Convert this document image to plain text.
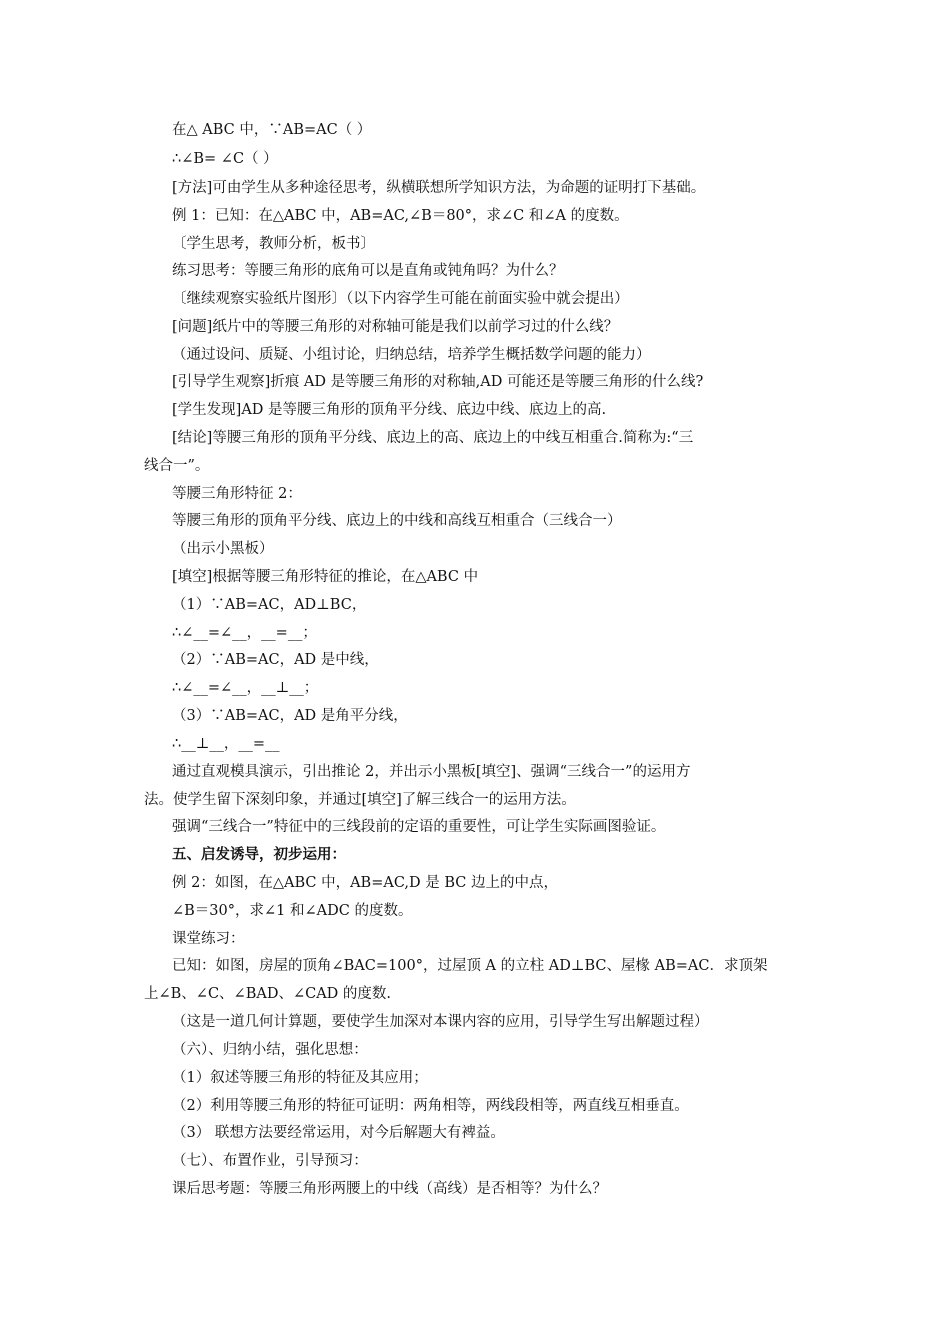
在△ ABC 中，∵AB=AC（ ）
∴∠B= ∠C（ ）
[方法]可由学生从多种途径思考，纵横联想所学知识方法，为命题的证明打下基础。
例 1：已知：在△ABC 中，AB=AC,∠B＝80°，求∠C 和∠A 的度数。
〔学生思考，教师分析，板书〕
练习思考：等腰三角形的底角可以是直角或钝角吗？为什么？
〔继续观察实验纸片图形〕（以下内容学生可能在前面实验中就会提出）
[问题]纸片中的等腰三角形的对称轴可能是我们以前学习过的什么线？
（通过设问、质疑、小组讨论，归纳总结，培养学生概括数学问题的能力）
[引导学生观察]折痕 AD 是等腰三角形的对称轴,AD 可能还是等腰三角形的什么线?
[学生发现]AD 是等腰三角形的顶角平分线、底边中线、底边上的高.
[结论]等腰三角形的顶角平分线、底边上的高、底边上的中线互相重合.简称为:“三
线合一”。
等腰三角形特征 2：
等腰三角形的顶角平分线、底边上的中线和高线互相重合（三线合一）
（出示小黑板）
[填空]根据等腰三角形特征的推论，在△ABC 中
（1）∵AB=AC，AD⊥BC，
∴∠__=∠__，__=__；
（2）∵AB=AC，AD 是中线，
∴∠__=∠__，__⊥__；
（3）∵AB=AC，AD 是角平分线，
∴__⊥__，__=__
通过直观模具演示，引出推论 2，并出示小黑板[填空]、强调“三线合一”的运用方
法。使学生留下深刻印象，并通过[填空]了解三线合一的运用方法。
强调“三线合一”特征中的三线段前的定语的重要性，可让学生实际画图验证。
五、启发诱导，初步运用：
例 2：如图，在△ABC 中，AB=AC,D 是 BC 边上的中点，
∠B＝30°，求∠1 和∠ADC 的度数。
课堂练习：
已知：如图，房屋的顶角∠BAC=100°，过屋顶 A 的立柱 AD⊥BC、屋椽 AB=AC．求顶架
上∠B、∠C、∠BAD、∠CAD 的度数.
（这是一道几何计算题，要使学生加深对本课内容的应用，引导学生写出解题过程）
（六）、归纳小结，强化思想：
（1）叙述等腰三角形的特征及其应用；
（2）利用等腰三角形的特征可证明：两角相等，两线段相等，两直线互相垂直。
（3） 联想方法要经常运用，对今后解题大有裨益。
（七）、布置作业，引导预习：
课后思考题：等腰三角形两腰上的中线（高线）是否相等？为什么？
